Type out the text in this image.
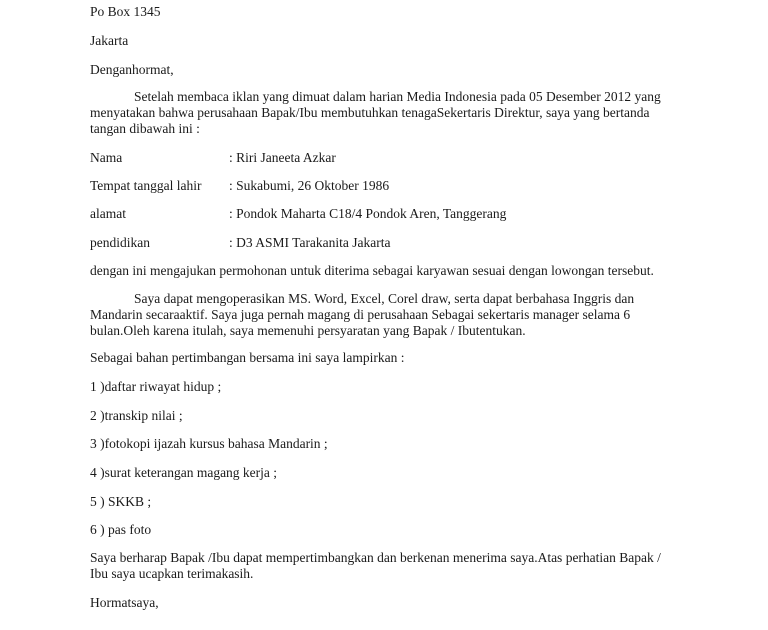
Po Box 1345
Jakarta
Denganhormat,
Setelah membaca iklan yang dimuat dalam harian Media Indonesia pada 05 Desember 2012 yang
menyatakan bahwa perusahaan Bapak/Ibu membutuhkan tenagaSekertaris Direktur, saya yang bertanda
tangan dibawah ini :
Nama	: Riri Janeeta Azkar
Tempat tanggal lahir : Sukabumi, 26 Oktober 1986
alamat	: Pondok Maharta C18/4 Pondok Aren, Tanggerang
pendidikan	: D3 ASMI Tarakanita Jakarta
dengan ini mengajukan permohonan untuk diterima sebagai karyawan sesuai dengan lowongan tersebut.
Saya dapat mengoperasikan MS. Word, Excel, Corel draw, serta dapat berbahasa Inggris dan
Mandarin secaraaktif. Saya juga pernah magang di perusahaan Sebagai sekertaris manager selama 6
bulan.Oleh karena itulah, saya memenuhi persyaratan yang Bapak / Ibutentukan.
Sebagai bahan pertimbangan bersama ini saya lampirkan :
1 )daftar riwayat hidup ;
2 )transkip nilai ;
3 )fotokopi ijazah kursus bahasa Mandarin ;
4 )surat keterangan magang kerja ;
5 ) SKKB ;
6 ) pas foto
Saya berharap Bapak /Ibu dapat mempertimbangkan dan berkenan menerima saya.Atas perhatian Bapak /
Ibu saya ucapkan terimakasih.
Hormatsaya,
